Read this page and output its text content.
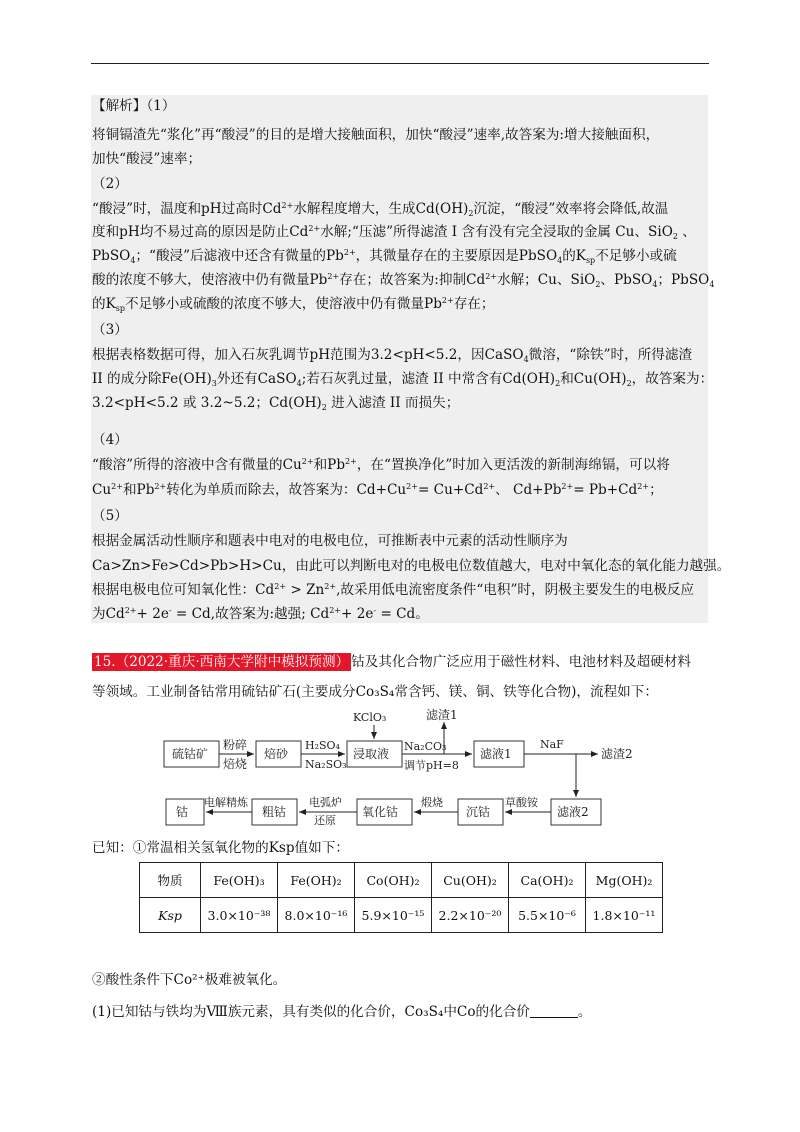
【解析】（1）
将铜镉渣先“浆化”再“酸浸”的目的是增大接触面积，加快“酸浸”速率,故答案为:增大接触面积，
加快“酸浸”速率；
（2）
“酸浸”时，温度和pH过高时$Cd^{2+}$水解程度增大，生成$Cd(OH)_2$沉淀，“酸浸”效率将会降低,故温
度和pH均不易过高的原因是防止$Cd^{2+}$水解;“压滤”所得滤渣 I 含有没有完全浸取的金属 Cu、SiO$_2$ 、
PbSO$_4$；“酸浸”后滤液中还含有微量的$Pb^{2+}$，其微量存在的主要原因是PbSO$_4$的$K_{sp}$不足够小或硫
酸的浓度不够大，使溶液中仍有微量$Pb^{2+}$存在；故答案为:抑制$Cd^{2+}$水解；Cu、SiO$_2$、PbSO$_4$；PbSO$_4$
的$K_{sp}$不足够小或硫酸的浓度不够大，使溶液中仍有微量$Pb^{2+}$存在；
（3）
根据表格数据可得，加入石灰乳调节pH范围为3.2<pH<5.2，因CaSO$_4$微溶，“除铁”时，所得滤渣
II 的成分除$Fe(OH)_3$外还有CaSO$_4$;若石灰乳过量，滤渣 II 中常含有$Cd(OH)_2$和$Cu(OH)_2$，故答案为：
3.2<pH<5.2 或 3.2~5.2；$Cd(OH)_2$ 进入滤渣 II 而损失；
（4）
“酸溶”所得的溶液中含有微量的$Cu^{2+}$和$Pb^{2+}$，在“置换净化”时加入更活泼的新制海绵镉，可以将
$Cu^{2+}$和$Pb^{2+}$转化为单质而除去，故答案为：$Cd+Cu^{2+}= Cu+Cd^{2+}$、 $Cd+Pb^{2+}= Pb+Cd^{2+}$；
（5）
根据金属活动性顺序和题表中电对的电极电位，可推断表中元素的活动性顺序为
Ca>Zn>Fe>Cd>Pb>H>Cu，由此可以判断电对的电极电位数值越大，电对中氧化态的氧化能力越强。
根据电极电位可知氧化性：$Cd^{2+} > Zn^{2+}$,故采用低电流密度条件“电积”时，阴极主要发生的电极反应
为$Cd^{2+}+ 2e^- = Cd$,故答案为:越强; $Cd^{2+}+ 2e^- = Cd$。
15.（2022·重庆·西南大学附中模拟预测） 钴及其化合物广泛应用于磁性材料、电池材料及超硬材料
等领域。工业制备钴常用硫钴矿石(主要成分Co₃S₄常含钙、镁、铜、铁等化合物)，流程如下：
硫钴矿
粉碎
焙烧
焙砂
H₂SO₄
Na₂SO₃
浸取液
KClO₃	滤渣1
Na₂CO₃
调节pH=8
滤液1
NaF
滤渣2
滤液2
草酸铵
沉钴
煅烧
氧化钴
电弧炉
还原
粗钴
电解精炼
钴
已知：①常温相关氢氧化物的Ksp值如下：
物质	Fe(OH)₃	Fe(OH)₂	Co(OH)₂	Cu(OH)₂	Ca(OH)₂	Mg(OH)₂
Ksp	3.0×10⁻³⁸	8.0×10⁻¹⁶	5.9×10⁻¹⁵	2.2×10⁻²⁰	5.5×10⁻⁶	1.8×10⁻¹¹
②酸性条件下Co²⁺极难被氧化。
(1)已知钴与铁均为Ⅷ族元素，具有类似的化合价，Co₃S₄中Co的化合价	。
